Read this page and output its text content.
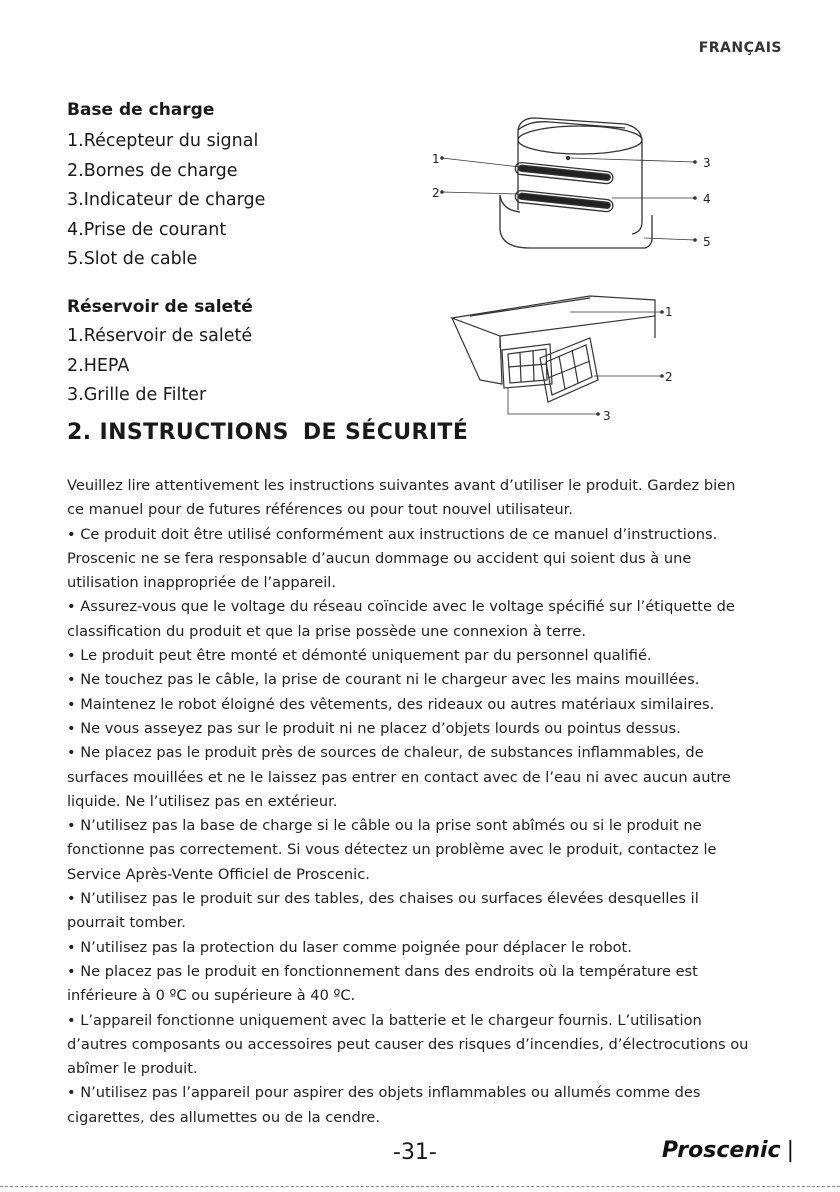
FRANÇAIS
Base de charge
1.Récepteur du signal
2.Bornes de charge
3.Indicateur de charge
4.Prise de courant
5.Slot de cable
1
2
3
4
5
Réservoir de saleté
1.Réservoir de saleté
2.HEPA
3.Grille de Filter
1
2
3
2. INSTRUCTIONS DE SÉCURITÉ

Veuillez lire attentivement les instructions suivantes avant d’utiliser le produit. Gardez bien ce manuel pour de futures références ou pour tout nouvel utilisateur.

• Ce produit doit être utilisé conformément aux instructions de ce manuel d’instructions. Proscenic ne se fera responsable d’aucun dommage ou accident qui soient dus à une utilisation inappropriée de l’appareil.

• Assurez-vous que le voltage du réseau coïncide avec le voltage spécifié sur l’étiquette de classification du produit et que la prise possède une connexion à terre.

• Le produit peut être monté et démonté uniquement par du personnel qualifié.

• Ne touchez pas le câble, la prise de courant ni le chargeur avec les mains mouillées.

• Maintenez le robot éloigné des vêtements, des rideaux ou autres matériaux similaires.

• Ne vous asseyez pas sur le produit ni ne placez d’objets lourds ou pointus dessus.

• Ne placez pas le produit près de sources de chaleur, de substances inflammables, de surfaces mouillées et ne le laissez pas entrer en contact avec de l’eau ni avec aucun autre liquide. Ne l’utilisez pas en extérieur.

• N’utilisez pas la base de charge si le câble ou la prise sont abîmés ou si le produit ne fonctionne pas correctement. Si vous détectez un problème avec le produit, contactez le Service Après-Vente Officiel de Proscenic.

• N’utilisez pas le produit sur des tables, des chaises ou surfaces élevées desquelles il pourrait tomber.

• N’utilisez pas la protection du laser comme poignée pour déplacer le robot.

• Ne placez pas le produit en fonctionnement dans des endroits où la température est inférieure à 0 ºC ou supérieure à 40 ºC.

• L’appareil fonctionne uniquement avec la batterie et le chargeur fournis. L’utilisation d’autres composants ou accessoires peut causer des risques d’incendies, d’électrocutions ou abîmer le produit.

• N’utilisez pas l’appareil pour aspirer des objets inflammables ou allumés comme des cigarettes, des allumettes ou de la cendre.

-31-	Proscenic |
